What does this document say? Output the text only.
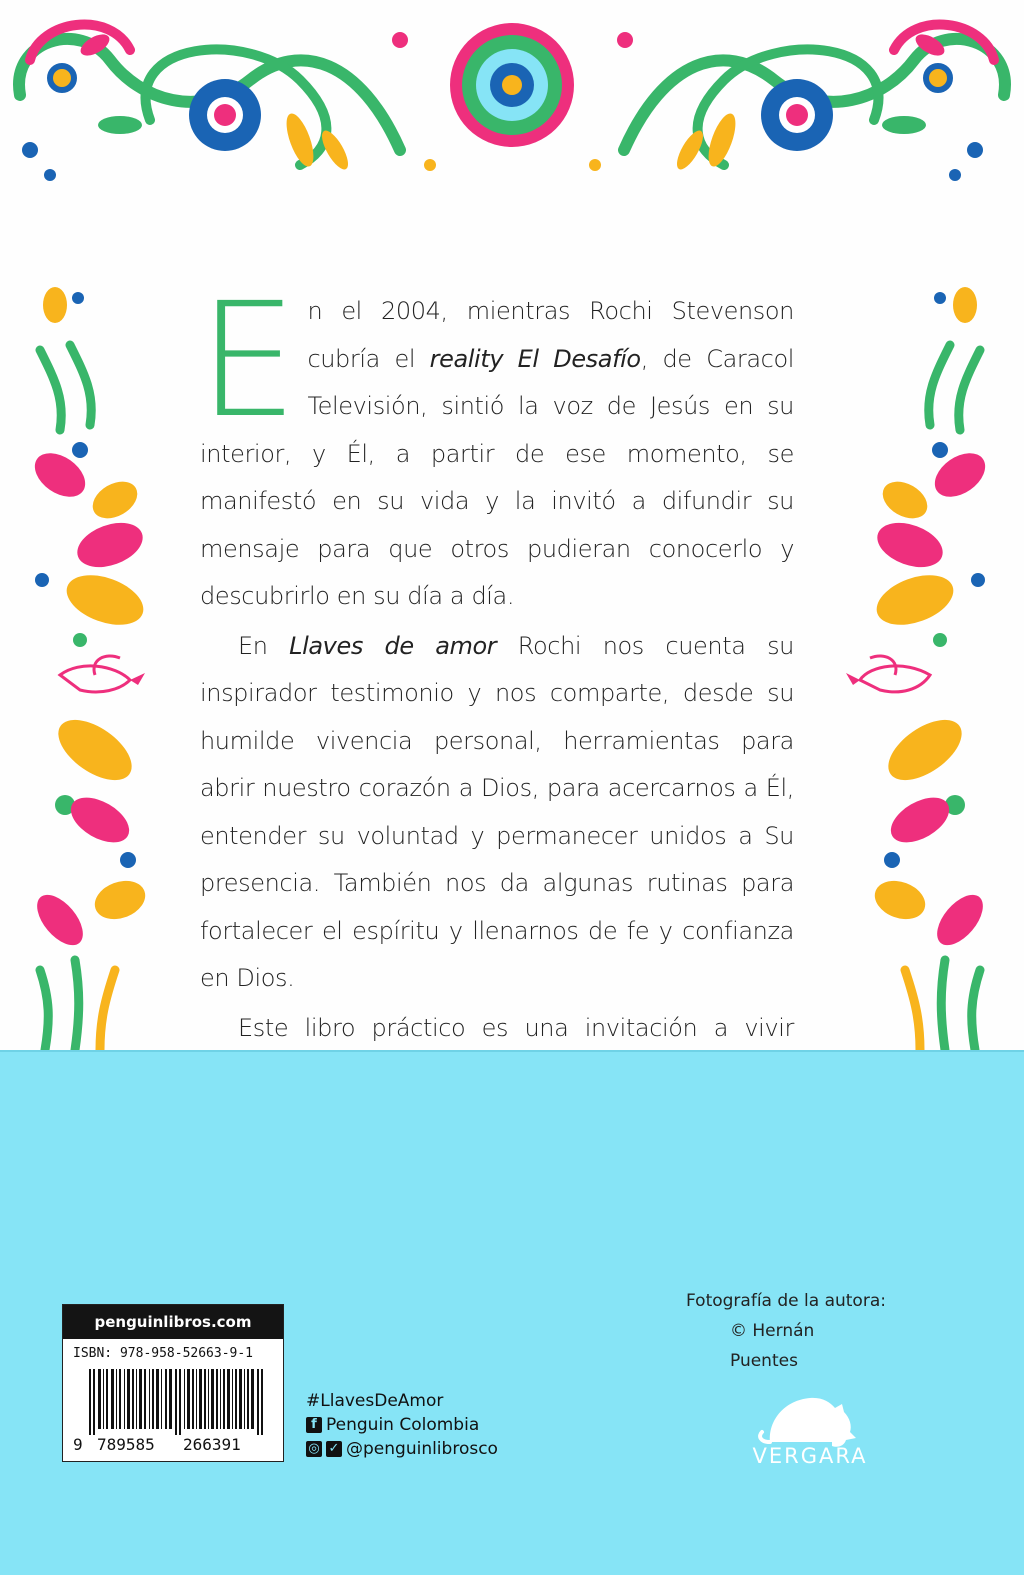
En el 2004, mientras Rochi Stevenson cubría el reality El Desafío, de Caracol Televisión, sintió la voz de Jesús en su interior, y Él, a partir de ese momento, se manifestó en su vida y la invitó a difundir su mensaje para que otros pudieran conocerlo y descubrirlo en su día a día.

En Llaves de amor Rochi nos cuenta su inspirador testimonio y nos comparte, desde su humilde vivencia personal, herramientas para abrir nuestro corazón a Dios, para acercarnos a Él, entender su voluntad y permanecer unidos a Su presencia. También nos da algunas rutinas para fortalecer el espíritu y llenarnos de fe y confianza en Dios.

Este libro práctico es una invitación a vivir

Fotografía de la autora:
© Hernán Puentes
penguinlibros.com
ISBN: 978-958-52663-9-1
9 789585 266391
#LlavesDeAmor
f Penguin Colombia
◎ ✓ @penguinlibrosco	VERGARA
